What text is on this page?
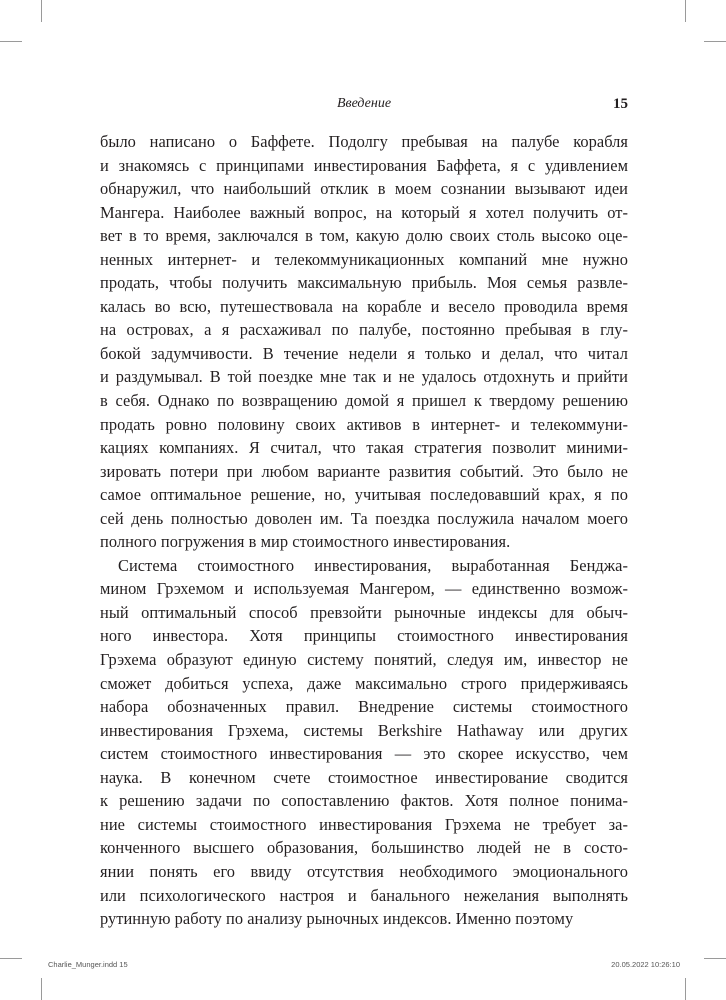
Введение	15
было написано о Баффете. Подолгу пребывая на палубе корабля
и знакомясь с принципами инвестирования Баффета, я с удивлением
обнаружил, что наибольший отклик в моем сознании вызывают идеи
Мангера. Наиболее важный вопрос, на который я хотел получить от-
вет в то время, заключался в том, какую долю своих столь высоко оце-
ненных интернет- и телекоммуникационных компаний мне нужно
продать, чтобы получить максимальную прибыль. Моя семья развле-
калась во всю, путешествовала на корабле и весело проводила время
на островах, а я расхаживал по палубе, постоянно пребывая в глу-
бокой задумчивости. В течение недели я только и делал, что читал
и раздумывал. В той поездке мне так и не удалось отдохнуть и прийти
в себя. Однако по возвращению домой я пришел к твердому решению
продать ровно половину своих активов в интернет- и телекоммуни-
кациях компаниях. Я считал, что такая стратегия позволит миними-
зировать потери при любом варианте развития событий. Это было не
самое оптимальное решение, но, учитывая последовавший крах, я по
сей день полностью доволен им. Та поездка послужила началом моего
полного погружения в мир стоимостного инвестирования.
Система стоимостного инвестирования, выработанная Бенджа-
мином Грэхемом и используемая Мангером, — единственно возмож-
ный оптимальный способ превзойти рыночные индексы для обыч-
ного инвестора. Хотя принципы стоимостного инвестирования
Грэхема образуют единую систему понятий, следуя им, инвестор не
сможет добиться успеха, даже максимально строго придерживаясь
набора обозначенных правил. Внедрение системы стоимостного
инвестирования Грэхема, системы Berkshire Hathaway или других
систем стоимостного инвестирования — это скорее искусство, чем
наука. В конечном счете стоимостное инвестирование сводится
к решению задачи по сопоставлению фактов. Хотя полное понима-
ние системы стоимостного инвестирования Грэхема не требует за-
конченного высшего образования, большинство людей не в состо-
янии понять его ввиду отсутствия необходимого эмоционального
или психологического настроя и банального нежелания выполнять
рутинную работу по анализу рыночных индексов. Именно поэтому
Charlie_Munger.indd 15	20.05.2022 10:26:10
